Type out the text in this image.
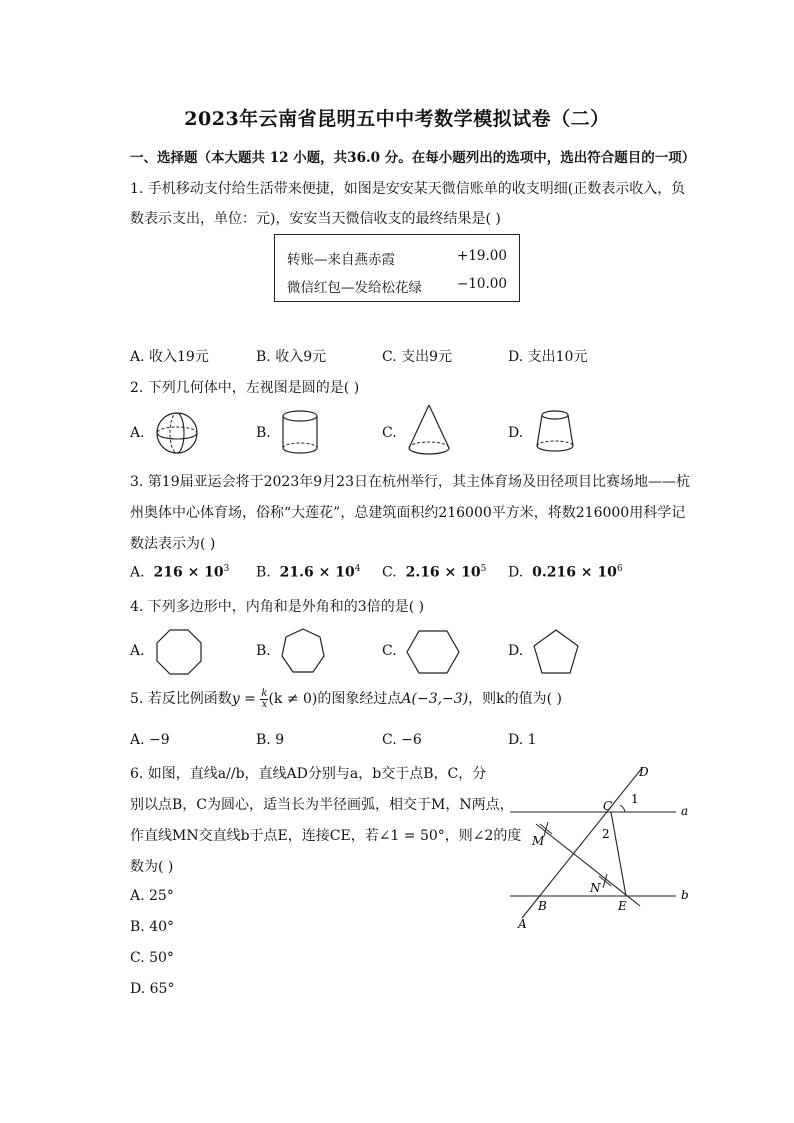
2023年云南省昆明五中中考数学模拟试卷（二）
一、选择题（本大题共 12 小题，共36.0 分。在每小题列出的选项中，选出符合题目的一项）
1. 手机移动支付给生活带来便捷，如图是安安某天微信账单的收支明细(正数表示收入，负
数表示支出，单位：元)，安安当天微信收支的最终结果是( )
转账—来自燕赤霞	+19.00
微信红包—发给松花绿	−10.00
A. 收入19元	B. 收入9元	C. 支出9元	D. 支出10元
2. 下列几何体中，左视图是圆的是( )
A.	B.	C.	D.
3. 第19届亚运会将于2023年9月23日在杭州举行，其主体育场及田径项目比赛场地——杭
州奥体中心体育场，俗称“大莲花”，总建筑面积约216000平方米，将数216000用科学记
数法表示为( )
A. $216 \times 10^3$ B. $21.6 \times 10^4$ C. $2.16 \times 10^5$ D. $0.216 \times 10^6$
4. 下列多边形中，内角和是外角和的3倍的是( )
A.	B.	C.	D.
5. 若反比例函数$y = \frac{k}{x} (k \ne 0)$的图象经过点A(−3,−3)，则k的值为( )
A. −9	B. 9	C. −6	D. 1
6. 如图，直线a//b，直线AD分别与a，b交于点B，C，分
别以点B，C为圆心，适当长为半径画弧，相交于M，N两点，
作直线MN交直线b于点E，连接CE，若∠1 = 50°，则∠2的度
数为( )
A. 25°
B. 40°
C. 50°
D. 65°
D
C 1
a
M	2
N
B	E
b
A
